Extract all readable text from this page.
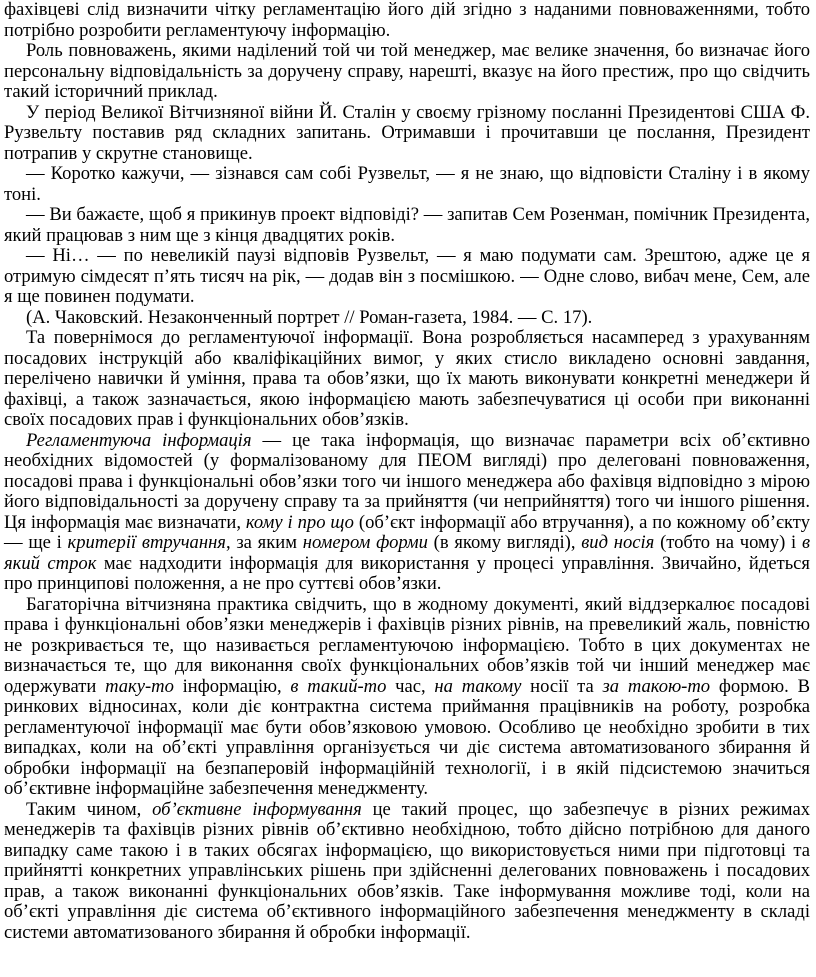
фахівцеві слід визначити чітку регламентацію його дій згідно з наданими повноваженнями, тобто потрібно розробити регламентуючу інформацію.

Роль повноважень, якими наділений той чи той менеджер, має велике значення, бо визначає його персональну відповідальність за доручену справу, нарешті, вказує на його престиж, про що свідчить такий історичний приклад.

У період Великої Вітчизняної війни Й. Сталін у своєму грізному посланні Президентові США Ф. Рузвельту поставив ряд складних запитань. Отримавши і прочитавши це послання, Президент потрапив у скрутне становище.

— Коротко кажучи, — зізнався сам собі Рузвельт, — я не знаю, що відповісти Сталіну і в якому тоні.

— Ви бажаєте, щоб я прикинув проект відповіді? — запитав Сем Розенман, помічник Президента, який працював з ним ще з кінця двадцятих років.

— Ні… — по невеликій паузі відповів Рузвельт, — я маю подумати сам. Зрештою, адже це я отримую сімдесят п’ять тисяч на рік, — додав він з посмішкою. — Одне слово, вибач мене, Сем, але я ще повинен подумати.

(А. Чаковский. Незаконченный портрет // Роман-газета, 1984. — С. 17).

Та повернімося до регламентуючої інформації. Вона розробляється насамперед з урахуванням посадових інструкцій або кваліфікаційних вимог, у яких стисло викладено основні завдання, перелічено навички й уміння, права та обов’язки, що їх мають виконувати конкретні менеджери й фахівці, а також зазначається, якою інформацією мають забезпечуватися ці особи при виконанні своїх посадових прав і функціональних обов’язків.

Регламентуюча інформація — це така інформація, що визначає параметри всіх об’єктивно необхідних відомостей (у формалізованому для ПЕОМ вигляді) про делеговані повноваження, посадові права і функціональні обов’язки того чи іншого менеджера або фахівця відповідно з мірою його відповідальності за доручену справу та за прийняття (чи неприйняття) того чи іншого рішення. Ця інформація має визначати, кому і про що (об’єкт інформації або втручання), а по кожному об’єкту — ще і критерії втручання, за яким номером форми (в якому вигляді), вид носія (тобто на чому) і в який строк має надходити інформація для використання у процесі управління. Звичайно, йдеться про принципові положення, а не про суттєві обов’язки.

Багаторічна вітчизняна практика свідчить, що в жодному документі, який віддзеркалює посадові права і функціональні обов’язки менеджерів і фахівців різних рівнів, на превеликий жаль, повністю не розкривається те, що називається регламентуючою інформацією. Тобто в цих документах не визначається те, що для виконання своїх функціональних обов’язків той чи інший менеджер має одержувати таку-то інформацію, в такий-то час, на такому носії та за такою-то формою. В ринкових відносинах, коли діє контрактна система приймання працівників на роботу, розробка регламентуючої інформації має бути обов’язковою умовою. Особливо це необхідно зробити в тих випадках, коли на об’єкті управління організується чи діє система автоматизованого збирання й обробки інформації на безпаперовій інформаційній технології, і в якій підсистемою значиться об’єктивне інформаційне забезпечення менеджменту.

Таким чином, об’єктивне інформування це такий процес, що забезпечує в різних режимах менеджерів та фахівців різних рівнів об’єктивно необхідною, тобто дійсно потрібною для даного випадку саме такою і в таких обсягах інформацією, що використовується ними при підготовці та прийнятті конкретних управлінських рішень при здійсненні делегованих повноважень і посадових прав, а також виконанні функціональних обов’язків. Таке інформування можливе тоді, коли на об’єкті управління діє система об’єктивного інформаційного забезпечення менеджменту в складі системи автоматизованого збирання й обробки інформації.
